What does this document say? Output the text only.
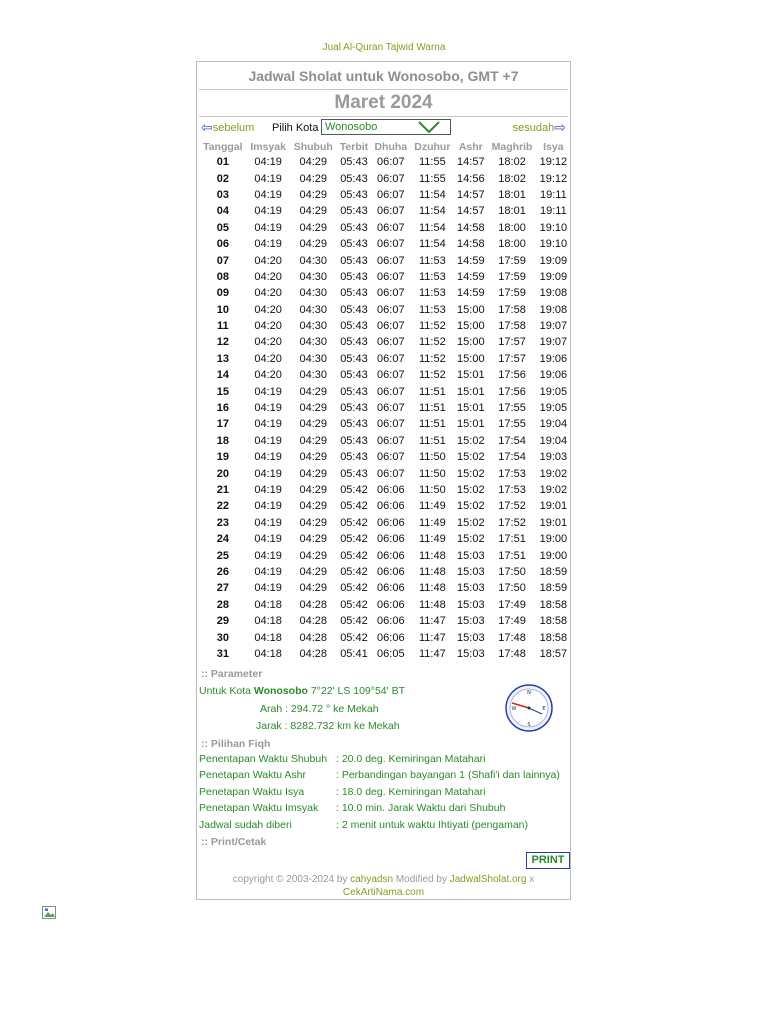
Jual Al-Quran Tajwid Warna
Jadwal Sholat untuk Wonosobo, GMT +7
Maret 2024
⇦sebelum Pilih Kota Wonosobo	sesudah⇨
Tanggal	Imsyak	Shubuh	Terbit	Dhuha	Dzuhur	Ashr	Maghrib	Isya
01	04:19	04:29	05:43	06:07	11:55	14:57	18:02	19:12
02	04:19	04:29	05:43	06:07	11:55	14:56	18:02	19:12
03	04:19	04:29	05:43	06:07	11:54	14:57	18:01	19:11
04	04:19	04:29	05:43	06:07	11:54	14:57	18:01	19:11
05	04:19	04:29	05:43	06:07	11:54	14:58	18:00	19:10
06	04:19	04:29	05:43	06:07	11:54	14:58	18:00	19:10
07	04:20	04:30	05:43	06:07	11:53	14:59	17:59	19:09
08	04:20	04:30	05:43	06:07	11:53	14:59	17:59	19:09
09	04:20	04:30	05:43	06:07	11:53	14:59	17:59	19:08
10	04:20	04:30	05:43	06:07	11:53	15:00	17:58	19:08
11	04:20	04:30	05:43	06:07	11:52	15:00	17:58	19:07
12	04:20	04:30	05:43	06:07	11:52	15:00	17:57	19:07
13	04:20	04:30	05:43	06:07	11:52	15:00	17:57	19:06
14	04:20	04:30	05:43	06:07	11:52	15:01	17:56	19:06
15	04:19	04:29	05:43	06:07	11:51	15:01	17:56	19:05
16	04:19	04:29	05:43	06:07	11:51	15:01	17:55	19:05
17	04:19	04:29	05:43	06:07	11:51	15:01	17:55	19:04
18	04:19	04:29	05:43	06:07	11:51	15:02	17:54	19:04
19	04:19	04:29	05:43	06:07	11:50	15:02	17:54	19:03
20	04:19	04:29	05:43	06:07	11:50	15:02	17:53	19:02
21	04:19	04:29	05:42	06:06	11:50	15:02	17:53	19:02
22	04:19	04:29	05:42	06:06	11:49	15:02	17:52	19:01
23	04:19	04:29	05:42	06:06	11:49	15:02	17:52	19:01
24	04:19	04:29	05:42	06:06	11:49	15:02	17:51	19:00
25	04:19	04:29	05:42	06:06	11:48	15:03	17:51	19:00
26	04:19	04:29	05:42	06:06	11:48	15:03	17:50	18:59
27	04:19	04:29	05:42	06:06	11:48	15:03	17:50	18:59
28	04:18	04:28	05:42	06:06	11:48	15:03	17:49	18:58
29	04:18	04:28	05:42	06:06	11:47	15:03	17:49	18:58
30	04:18	04:28	05:42	06:06	11:47	15:03	17:48	18:58
31	04:18	04:28	05:41	06:05	11:47	15:03	17:48	18:57
:: Parameter
Untuk Kota Wonosobo 7°22' LS 109°54' BT
Arah : 294.72 ° ke Mekah
Jarak : 8282.732 km ke Mekah
N
S
E
W
:: Pilihan Fiqh
Penentapan Waktu Shubuh : 20.0 deg. Kemiringan Matahari
Penetapan Waktu Ashr	: Perbandingan bayangan 1 (Shafi'i dan lainnya)
Penetapan Waktu Isya	: 18.0 deg. Kemiringan Matahari
Penetapan Waktu Imsyak : 10.0 min. Jarak Waktu dari Shubuh
Jadwal sudah diberi	: 2 menit untuk waktu Ihtiyati (pengaman)
:: Print/Cetak
PRINT
copyright © 2003-2024 by cahyadsn Modified by JadwalSholat.org x
CekArtiNama.com
